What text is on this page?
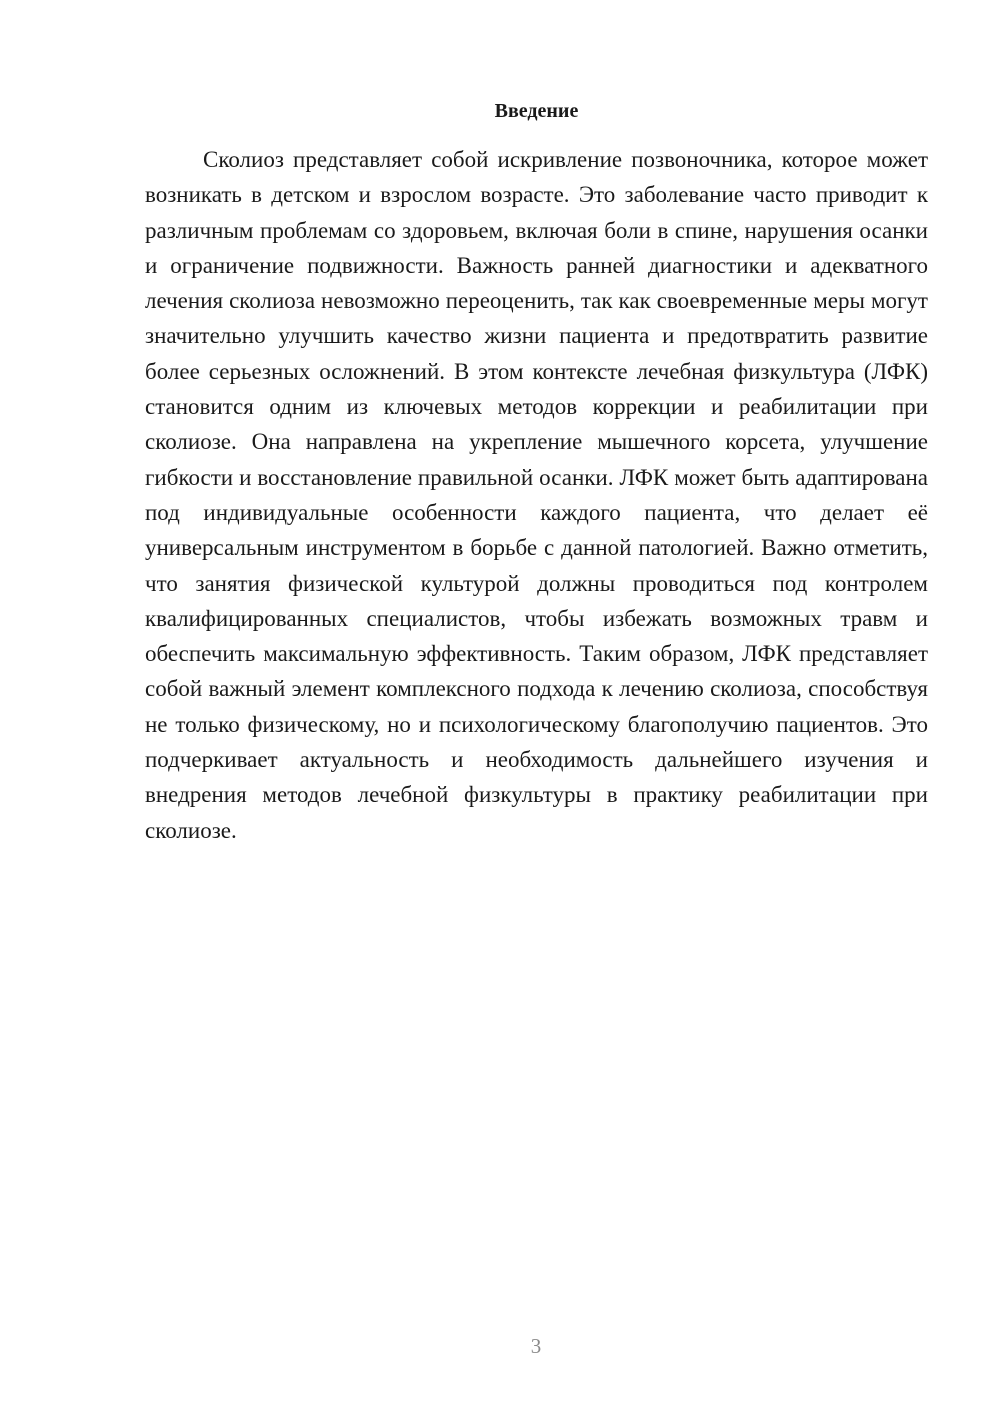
Введение

Сколиоз представляет собой искривление позвоночника, которое может возникать в детском и взрослом возрасте. Это заболевание часто приводит к различным проблемам со здоровьем, включая боли в спине, нарушения осанки и ограничение подвижности. Важность ранней диагностики и адекватного лечения сколиоза невозможно переоценить, так как своевременные меры могут значительно улучшить качество жизни пациента и предотвратить развитие более серьезных осложнений. В этом контексте лечебная физкультура (ЛФК) становится одним из ключевых методов коррекции и реабилитации при сколиозе. Она направлена на укрепление мышечного корсета, улучшение гибкости и восстановление правильной осанки. ЛФК может быть адаптирована под индивидуальные особенности каждого пациента, что делает её универсальным инструментом в борьбе с данной патологией. Важно отметить, что занятия физической культурой должны проводиться под контролем квалифицированных специалистов, чтобы избежать возможных травм и обеспечить максимальную эффективность. Таким образом, ЛФК представляет собой важный элемент комплексного подхода к лечению сколиоза, способствуя не только физическому, но и психологическому благополучию пациентов. Это подчеркивает актуальность и необходимость дальнейшего изучения и внедрения методов лечебной физкультуры в практику реабилитации при сколиозе.

3
